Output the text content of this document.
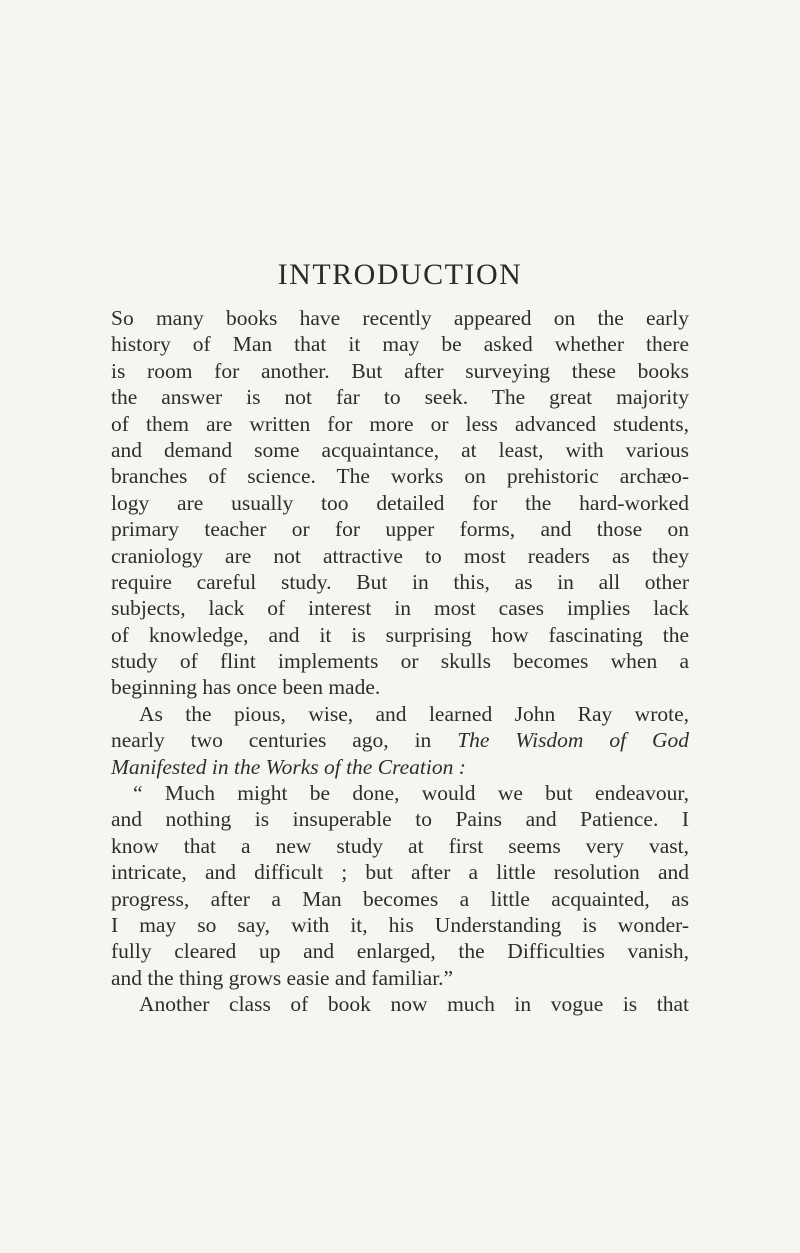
INTRODUCTION
So many books have recently appeared on the early
history of Man that it may be asked whether there
is room for another. But after surveying these books
the answer is not far to seek. The great majority
of them are written for more or less advanced students,
and demand some acquaintance, at least, with various
branches of science. The works on prehistoric archæo-
logy are usually too detailed for the hard-worked
primary teacher or for upper forms, and those on
craniology are not attractive to most readers as they
require careful study. But in this, as in all other
subjects, lack of interest in most cases implies lack
of knowledge, and it is surprising how fascinating the
study of flint implements or skulls becomes when a
beginning has once been made.
As the pious, wise, and learned John Ray wrote,
nearly two centuries ago, in The Wisdom of God
Manifested in the Works of the Creation :
“ Much might be done, would we but endeavour,
and nothing is insuperable to Pains and Patience. I
know that a new study at first seems very vast,
intricate, and difficult ; but after a little resolution and
progress, after a Man becomes a little acquainted, as
I may so say, with it, his Understanding is wonder-
fully cleared up and enlarged, the Difficulties vanish,
and the thing grows easie and familiar.”
Another class of book now much in vogue is that
